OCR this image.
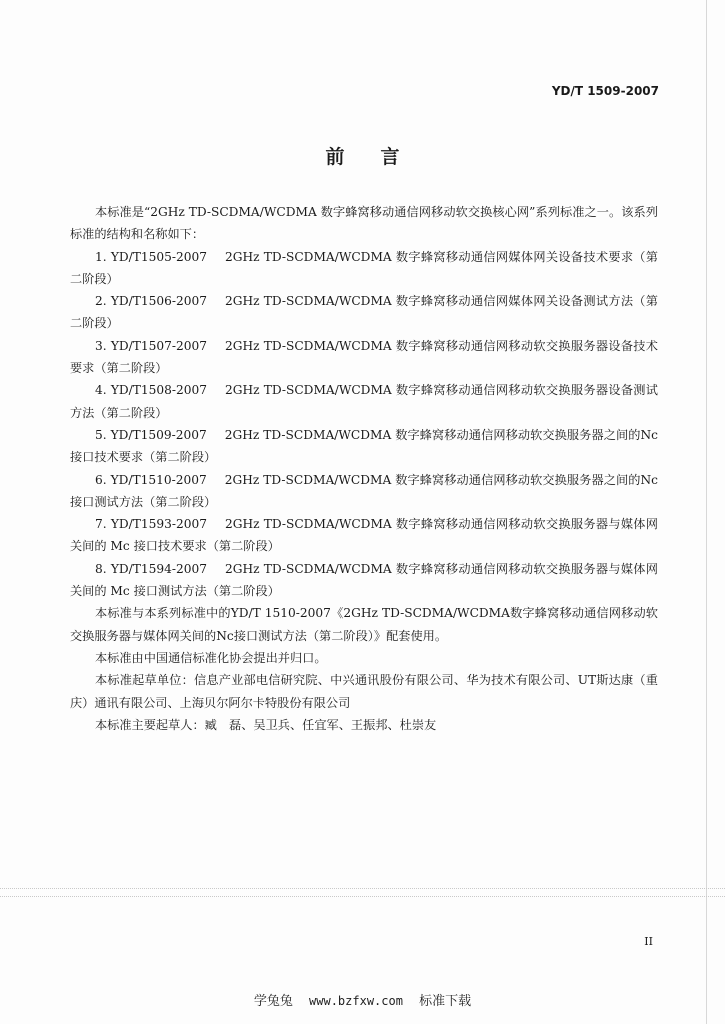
YD/T 1509-2007
前言

本标准是“2GHz TD-SCDMA/WCDMA 数字蜂窝移动通信网移动软交换核心网”系列标准之一。该系列标准的结构和名称如下：

1. YD/T1505-2007 2GHz TD-SCDMA/WCDMA 数字蜂窝移动通信网媒体网关设备技术要求（第二阶段）

2. YD/T1506-2007 2GHz TD-SCDMA/WCDMA 数字蜂窝移动通信网媒体网关设备测试方法（第二阶段）

3. YD/T1507-2007 2GHz TD-SCDMA/WCDMA 数字蜂窝移动通信网移动软交换服务器设备技术要求（第二阶段）

4. YD/T1508-2007 2GHz TD-SCDMA/WCDMA 数字蜂窝移动通信网移动软交换服务器设备测试方法（第二阶段）

5. YD/T1509-2007 2GHz TD-SCDMA/WCDMA 数字蜂窝移动通信网移动软交换服务器之间的Nc 接口技术要求（第二阶段）

6. YD/T1510-2007 2GHz TD-SCDMA/WCDMA 数字蜂窝移动通信网移动软交换服务器之间的Nc 接口测试方法（第二阶段）

7. YD/T1593-2007 2GHz TD-SCDMA/WCDMA 数字蜂窝移动通信网移动软交换服务器与媒体网关间的 Mc 接口技术要求（第二阶段）

8. YD/T1594-2007 2GHz TD-SCDMA/WCDMA 数字蜂窝移动通信网移动软交换服务器与媒体网关间的 Mc 接口测试方法（第二阶段）

本标准与本系列标准中的YD/T 1510-2007《2GHz TD-SCDMA/WCDMA数字蜂窝移动通信网移动软交换服务器与媒体网关间的Nc接口测试方法（第二阶段）》配套使用。

本标准由中国通信标准化协会提出并归口。

本标准起草单位：信息产业部电信研究院、中兴通讯股份有限公司、华为技术有限公司、UT斯达康（重庆）通讯有限公司、上海贝尔阿尔卡特股份有限公司

本标准主要起草人：臧　磊、吴卫兵、任宜军、王振邦、杜崇友

II
学兔兔 www.bzfxw.com 标准下载
